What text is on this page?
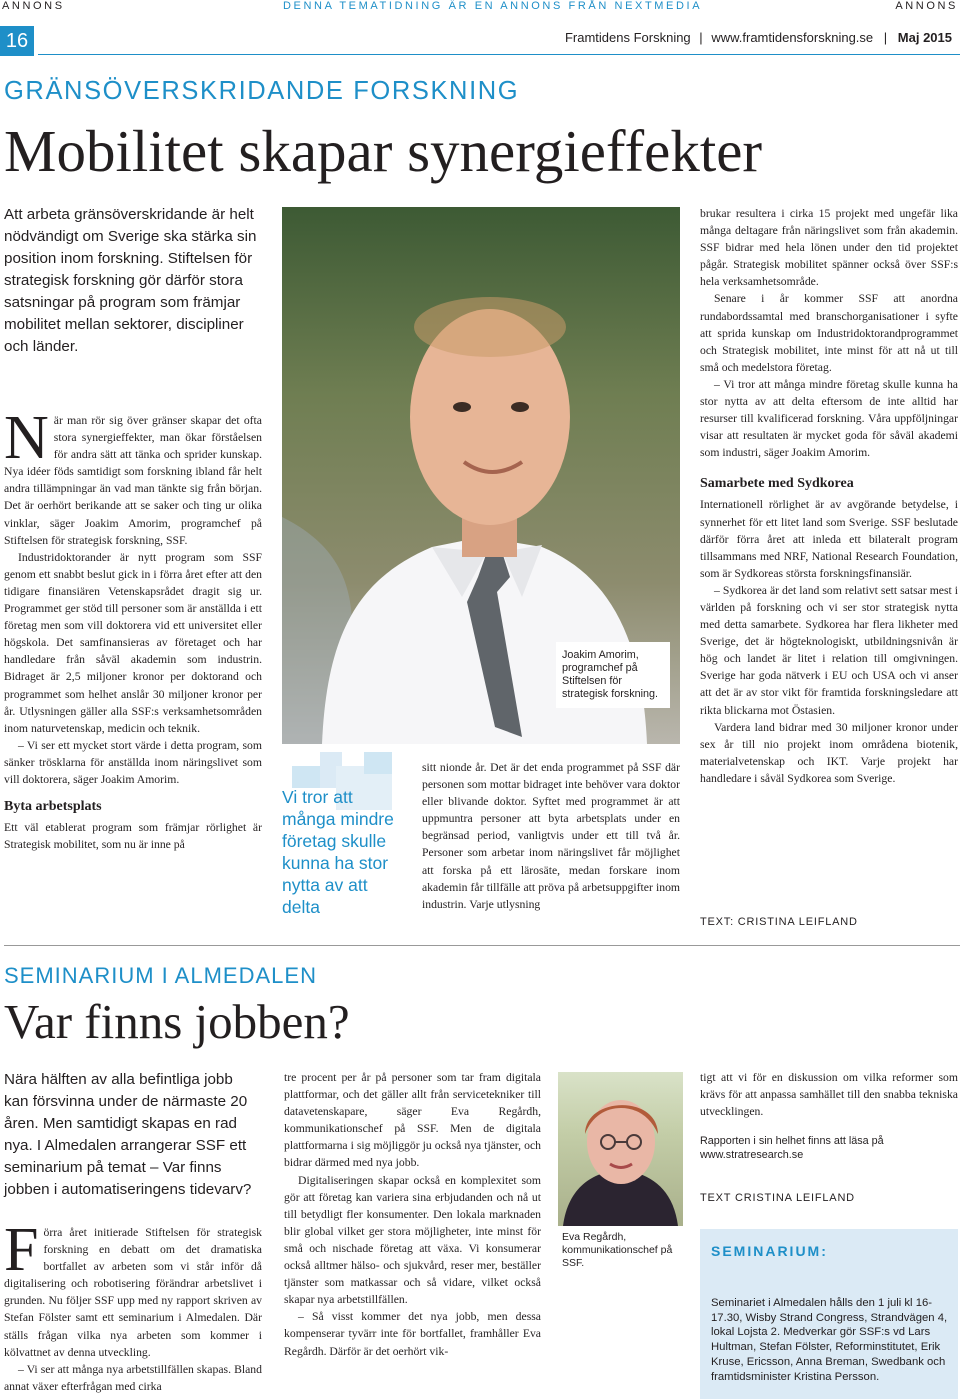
ANNONS	DENNA TEMATIDNING ÄR EN ANNONS FRÅN NEXTMEDIA	ANNONS
16	Framtidens Forskning | www.framtidensforskning.se | Maj 2015
GRÄNSÖVERSKRIDANDE FORSKNING
Mobilitet skapar synergieffekter

Att arbeta gränsöverskridande är helt nödvändigt om Sverige ska stärka sin position inom forskning. Stiftelsen för strategisk forskning gör därför stora satsningar på program som främjar mobilitet mellan sektorer, discipliner och länder.

När man rör sig över gränser skapar det ofta stora synergieffekter, man ökar förståelsen för andra sätt att tänka och sprider kunskap. Nya idéer föds samtidigt som forskning ibland får helt andra tillämpningar än vad man tänkte sig från början. Det är oerhört berikande att se saker och ting ur olika vinklar, säger Joakim Amorim, programchef på Stiftelsen för strategisk forskning, SSF.

Industridoktorander är nytt program som SSF genom ett snabbt beslut gick in i förra året efter att den tidigare finansiären Vetenskapsrådet dragit sig ur. Programmet ger stöd till personer som är anställda i ett företag men som vill doktorera vid ett universitet eller högskola. Det samfinansieras av företaget och har handledare från såväl akademin som industrin. Bidraget är 2,5 miljoner kronor per doktorand och programmet som helhet anslår 30 miljoner kronor per år. Utlysningen gäller alla SSF:s verksamhetsområden inom naturvetenskap, medicin och teknik.

– Vi ser ett mycket stort värde i detta program, som sänker trösklarna för anställda inom näringslivet som vill doktorera, säger Joakim Amorim.

Byta arbetsplats

Ett väl etablerat program som främjar rörlighet är Strategisk mobilitet, som nu är inne på

Joakim Amorim, programchef på Stiftelsen för strategisk forskning.
Vi tror att många mindre företag skulle kunna ha stor nytta av att delta

sitt nionde år. Det är det enda programmet på SSF där personen som mottar bidraget inte behöver vara doktor eller blivande doktor. Syftet med programmet är att uppmuntra personer att byta arbetsplats under en begränsad period, vanligtvis under ett till två år. Personer som arbetar inom näringslivet får möjlighet att forska på ett lärosäte, medan forskare inom akademin får tillfälle att pröva på arbetsuppgifter inom industrin. Varje utlysning

brukar resultera i cirka 15 projekt med ungefär lika många deltagare från näringslivet som från akademin. SSF bidrar med hela lönen under den tid projektet pågår. Strategisk mobilitet spänner också över SSF:s hela verksamhetsområde.

Senare i år kommer SSF att anordna rundabordssamtal med branschorganisationer i syfte att sprida kunskap om Industridoktorandprogrammet och Strategisk mobilitet, inte minst för att nå ut till små och medelstora företag.

– Vi tror att många mindre företag skulle kunna ha stor nytta av att delta eftersom de inte alltid har resurser till kvalificerad forskning. Våra uppföljningar visar att resultaten är mycket goda för såväl akademi som industri, säger Joakim Amorim.

Samarbete med Sydkorea

Internationell rörlighet är av avgörande betydelse, i synnerhet för ett litet land som Sverige. SSF beslutade därför förra året att inleda ett bilateralt program tillsammans med NRF, National Research Foundation, som är Sydkoreas största forskningsfinansiär.

– Sydkorea är det land som relativt sett satsar mest i världen på forskning och vi ser stor strategisk nytta med detta samarbete. Sydkorea har flera likheter med Sverige, det är högteknologiskt, utbildningsnivån är hög och landet är litet i relation till omgivningen. Sverige har goda nätverk i EU och USA och vi anser att det är av stor vikt för framtida forskningsledare att rikta blickarna mot Östasien.

Vardera land bidrar med 30 miljoner kronor under sex år till nio projekt inom områdena biotenik, materialvetenskap och IKT. Varje projekt har handledare i såväl Sydkorea som Sverige.

TEXT: CRISTINA LEIFLAND
SEMINARIUM I ALMEDALEN
Var finns jobben?

Nära hälften av alla befintliga jobb kan försvinna under de närmaste 20 åren. Men samtidigt skapas en rad nya. I Almedalen arrangerar SSF ett seminarium på temat – Var finns jobben i automatiseringens tidevarv?

Förra året initierade Stiftelsen för strategisk forskning en debatt om det dramatiska bortfallet av arbeten som vi står inför då digitalisering och robotisering förändrar arbetslivet i grunden. Nu följer SSF upp med ny rapport skriven av Stefan Fölster samt ett seminarium i Almedalen. Där ställs frågan vilka nya arbeten som kommer i kölvattnet av denna utveckling.

– Vi ser att många nya arbetstillfällen skapas. Bland annat växer efterfrågan med cirka

tre procent per år på personer som tar fram digitala plattformar, och det gäller allt från servicetekniker till datavetenskapare, säger Eva Regårdh, kommunikationschef på SSF. Men de digitala plattformarna i sig möjliggör ju också nya tjänster, och bidrar därmed med nya jobb.

Digitaliseringen skapar också en komplexitet som gör att företag kan variera sina erbjudanden och nå ut till betydligt fler konsumenter. Den lokala marknaden blir global vilket ger stora möjligheter, inte minst för små och nischade företag att växa. Vi konsumerar också alltmer hälso- och sjukvård, reser mer, beställer tjänster som matkassar och så vidare, vilket också skapar nya arbetstillfällen.

– Så visst kommer det nya jobb, men dessa kompenserar tyvärr inte för bortfallet, framhåller Eva Regårdh. Därför är det oerhört vik-

Eva Regårdh, kommunikationschef på SSF.

tigt att vi för en diskussion om vilka reformer som krävs för att anpassa samhället till den snabba tekniska utvecklingen.

Rapporten i sin helhet finns att läsa på
www.stratresearch.se
TEXT CRISTINA LEIFLAND
SEMINARIUM:
Seminariet i Almedalen hålls den 1 juli kl 16-17.30, Wisby Strand Congress, Strandvägen 4, lokal Lojsta 2. Medverkar gör SSF:s vd Lars Hultman, Stefan Fölster, Reforminstitutet, Erik Kruse, Ericsson, Anna Breman, Swedbank och framtidsminister Kristina Persson.
